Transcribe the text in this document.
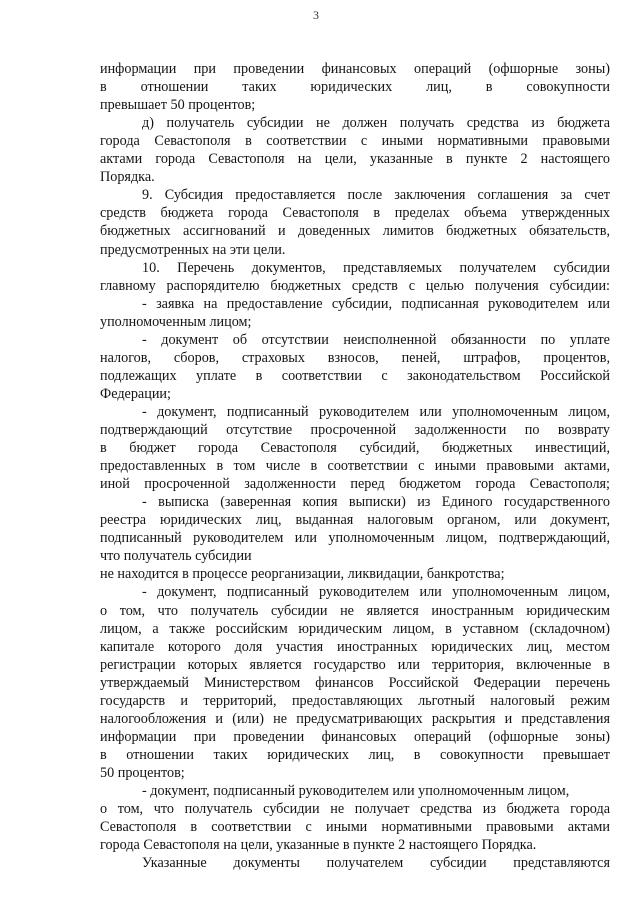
3
информации при проведении финансовых операций (офшорные зоны)
в отношении таких юридических лиц, в совокупности
превышает 50 процентов;
д) получатель субсидии не должен получать средства из бюджета
города Севастополя в соответствии с иными нормативными правовыми
актами города Севастополя на цели, указанные в пункте 2 настоящего
Порядка.
9. Субсидия предоставляется после заключения соглашения за счет
средств бюджета города Севастополя в пределах объема утвержденных
бюджетных ассигнований и доведенных лимитов бюджетных обязательств,
предусмотренных на эти цели.
10. Перечень документов, представляемых получателем субсидии
главному распорядителю бюджетных средств с целью получения субсидии:
- заявка на предоставление субсидии, подписанная руководителем или
уполномоченным лицом;
- документ об отсутствии неисполненной обязанности по уплате
налогов, сборов, страховых взносов, пеней, штрафов, процентов,
подлежащих уплате в соответствии с законодательством Российской
Федерации;
- документ, подписанный руководителем или уполномоченным лицом,
подтверждающий отсутствие просроченной задолженности по возврату
в бюджет города Севастополя субсидий, бюджетных инвестиций,
предоставленных в том числе в соответствии с иными правовыми актами,
иной просроченной задолженности перед бюджетом города Севастополя;
- выписка (заверенная копия выписки) из Единого государственного
реестра юридических лиц, выданная налоговым органом, или документ,
подписанный руководителем или уполномоченным лицом, подтверждающий,
что получатель субсидии
не находится в процессе реорганизации, ликвидации, банкротства;
- документ, подписанный руководителем или уполномоченным лицом,
о том, что получатель субсидии не является иностранным юридическим
лицом, а также российским юридическим лицом, в уставном (складочном)
капитале которого доля участия иностранных юридических лиц, местом
регистрации которых является государство или территория, включенные в
утверждаемый Министерством финансов Российской Федерации перечень
государств и территорий, предоставляющих льготный налоговый режим
налогообложения и (или) не предусматривающих раскрытия и представления
информации при проведении финансовых операций (офшорные зоны)
в отношении таких юридических лиц, в совокупности превышает
50 процентов;
- документ, подписанный руководителем или уполномоченным лицом,
о том, что получатель субсидии не получает средства из бюджета города
Севастополя в соответствии с иными нормативными правовыми актами
города Севастополя на цели, указанные в пункте 2 настоящего Порядка.
Указанные документы получателем субсидии представляются
